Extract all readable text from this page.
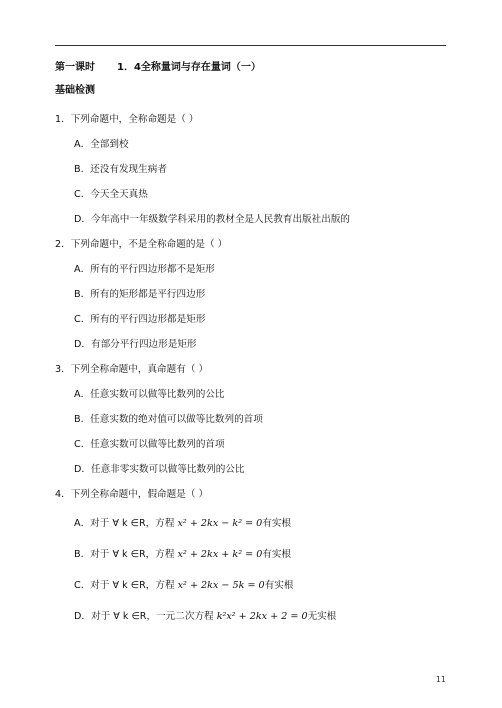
第一课时 1．4全称量词与存在量词（一）
基础检测
1．下列命题中，全称命题是（ ）
A．全部到校
B．还没有发现生病者
C．今天全天真热
D．今年高中一年级数学科采用的教材全是人民教育出版社出版的
2．下列命题中，不是全称命题的是（ ）
A．所有的平行四边形都不是矩形
B．所有的矩形都是平行四边形
C．所有的平行四边形都是矩形
D．有部分平行四边形是矩形
3．下列全称命题中，真命题有（ ）
A．任意实数可以做等比数列的公比
B．任意实数的绝对值可以做等比数列的首项
C．任意实数可以做等比数列的首项
D．任意非零实数可以做等比数列的公比
4．下列全称命题中，假命题是（ ）
A．对于 ∀ k ∈R，方程 x² + 2kx − k² = 0有实根
B．对于 ∀ k ∈R，方程 x² + 2kx + k² = 0有实根
C．对于 ∀ k ∈R，方程 x² + 2kx − 5k = 0有实根
D．对于 ∀ k ∈R，一元二次方程 k²x² + 2kx + 2 = 0无实根
11
